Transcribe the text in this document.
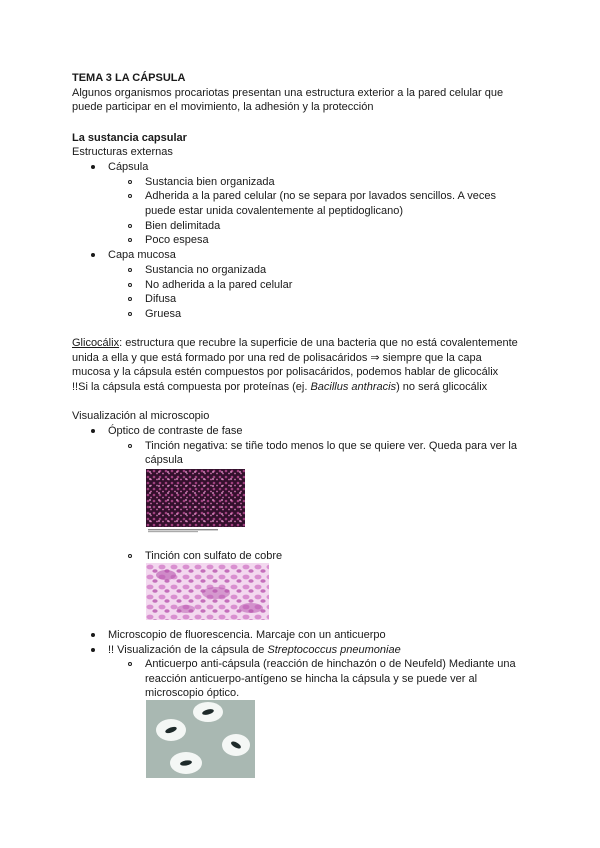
TEMA 3 LA CÁPSULA
Algunos organismos procariotas presentan una estructura exterior a la pared celular que
puede participar en el movimiento, la adhesión y la protección
La sustancia capsular
Estructuras externas
Cápsula
Sustancia bien organizada
Adherida a la pared celular (no se separa por lavados sencillos. A veces
puede estar unida covalentemente al peptidoglicano)
Bien delimitada
Poco espesa
Capa mucosa
Sustancia no organizada
No adherida a la pared celular
Difusa
Gruesa
Glicocálix: estructura que recubre la superficie de una bacteria que no está covalentemente
unida a ella y que está formado por una red de polisacáridos ⇒ siempre que la capa
mucosa y la cápsula estén compuestos por polisacáridos, podemos hablar de glicocálix
!!Si la cápsula está compuesta por proteínas (ej. Bacillus anthracis) no será glicocálix
Visualización al microscopio
Óptico de contraste de fase
Tinción negativa: se tiñe todo menos lo que se quiere ver. Queda para ver la
cápsula
Tinción con sulfato de cobre
Microscopio de fluorescencia. Marcaje con un anticuerpo
!! Visualización de la cápsula de Streptococcus pneumoniae
Anticuerpo anti-cápsula (reacción de hinchazón o de Neufeld) Mediante una
reacción anticuerpo-antígeno se hincha la cápsula y se puede ver al
microscopio óptico.
